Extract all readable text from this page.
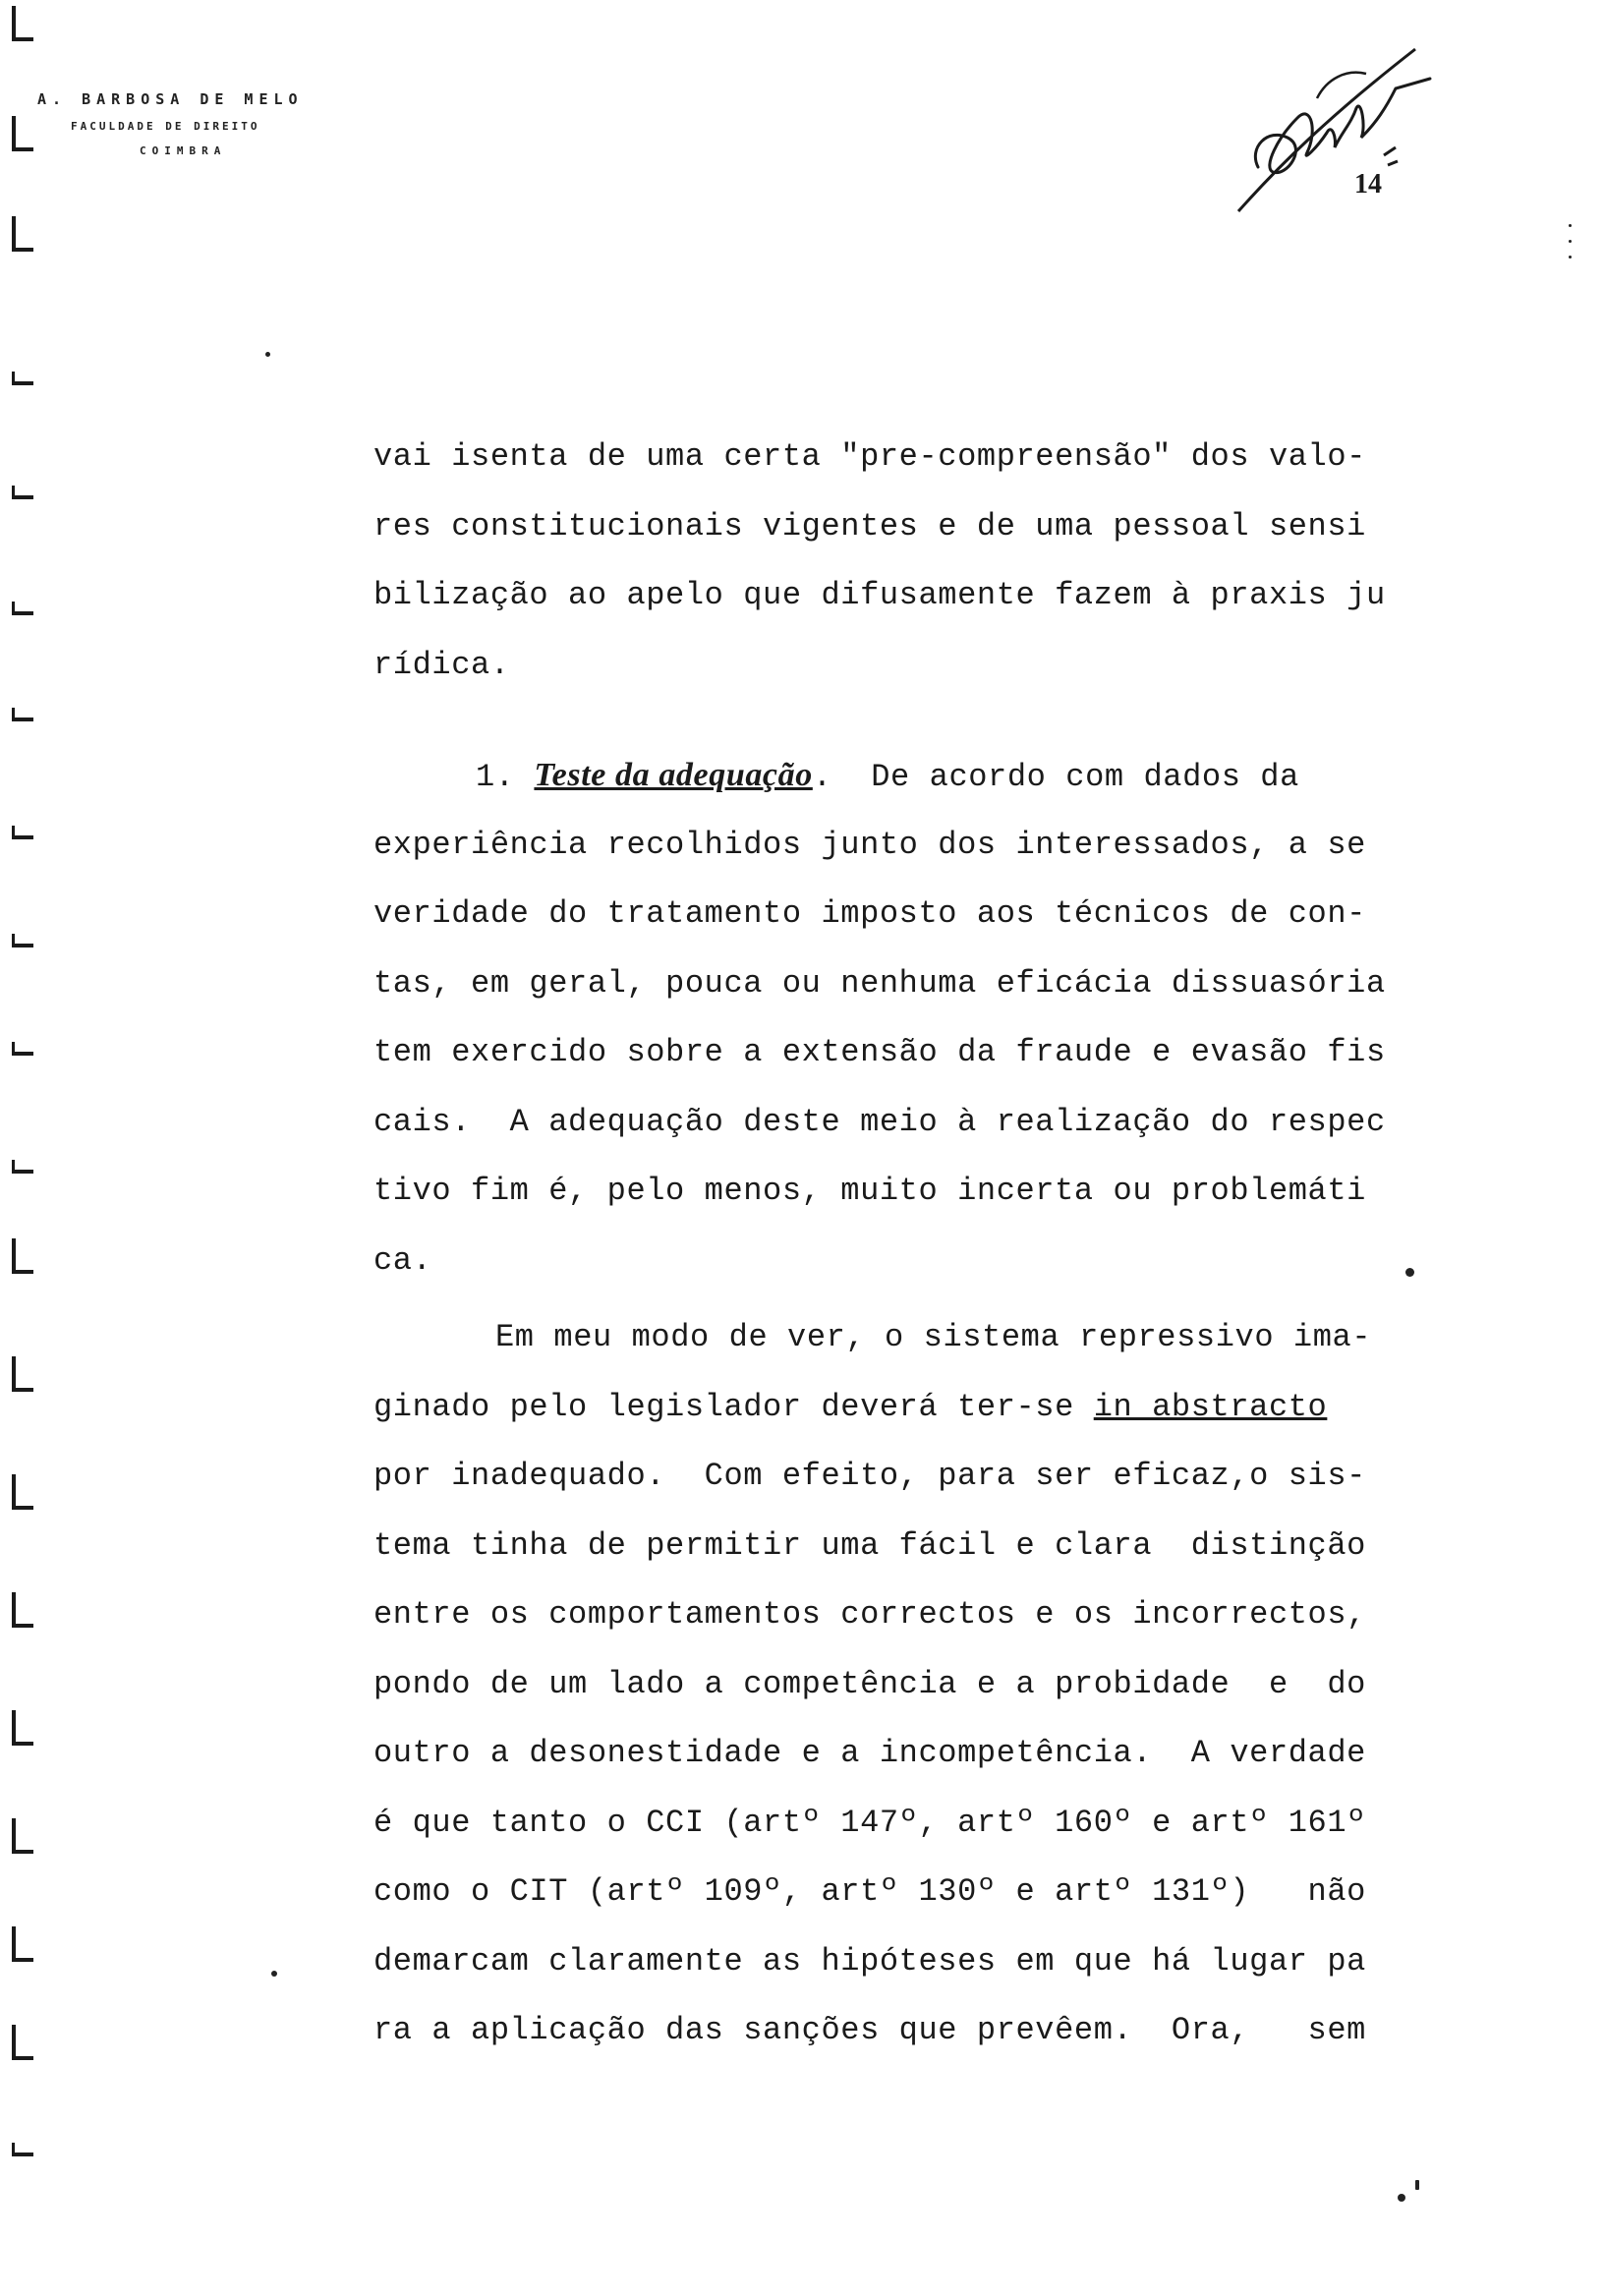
A. BARBOSA DE MELO
FACULDADE DE DIREITO
COIMBRA
14
vai isenta de uma certa "pre-compreensão" dos valo-
res constitucionais vigentes e de uma pessoal sensi
bilização ao apelo que difusamente fazem à praxis ju
rídica.
1. Teste da adequação.  De acordo com dados da
experiência recolhidos junto dos interessados, a se
veridade do tratamento imposto aos técnicos de con-
tas, em geral, pouca ou nenhuma eficácia dissuasória
tem exercido sobre a extensão da fraude e evasão fis
cais.  A adequação deste meio à realização do respec
tivo fim é, pelo menos, muito incerta ou problemáti
ca.
Em meu modo de ver, o sistema repressivo ima-
ginado pelo legislador deverá ter-se in abstracto
por inadequado.  Com efeito, para ser eficaz,o sis-
tema tinha de permitir uma fácil e clara  distinção
entre os comportamentos correctos e os incorrectos,
pondo de um lado a competência e a probidade  e  do
outro a desonestidade e a incompetência.  A verdade
é que tanto o CCI (artº 147º, artº 160º e artº 161º
como o CIT (artº 109º, artº 130º e artº 131º)   não
demarcam claramente as hipóteses em que há lugar pa
ra a aplicação das sanções que prevêem.  Ora,   sem
